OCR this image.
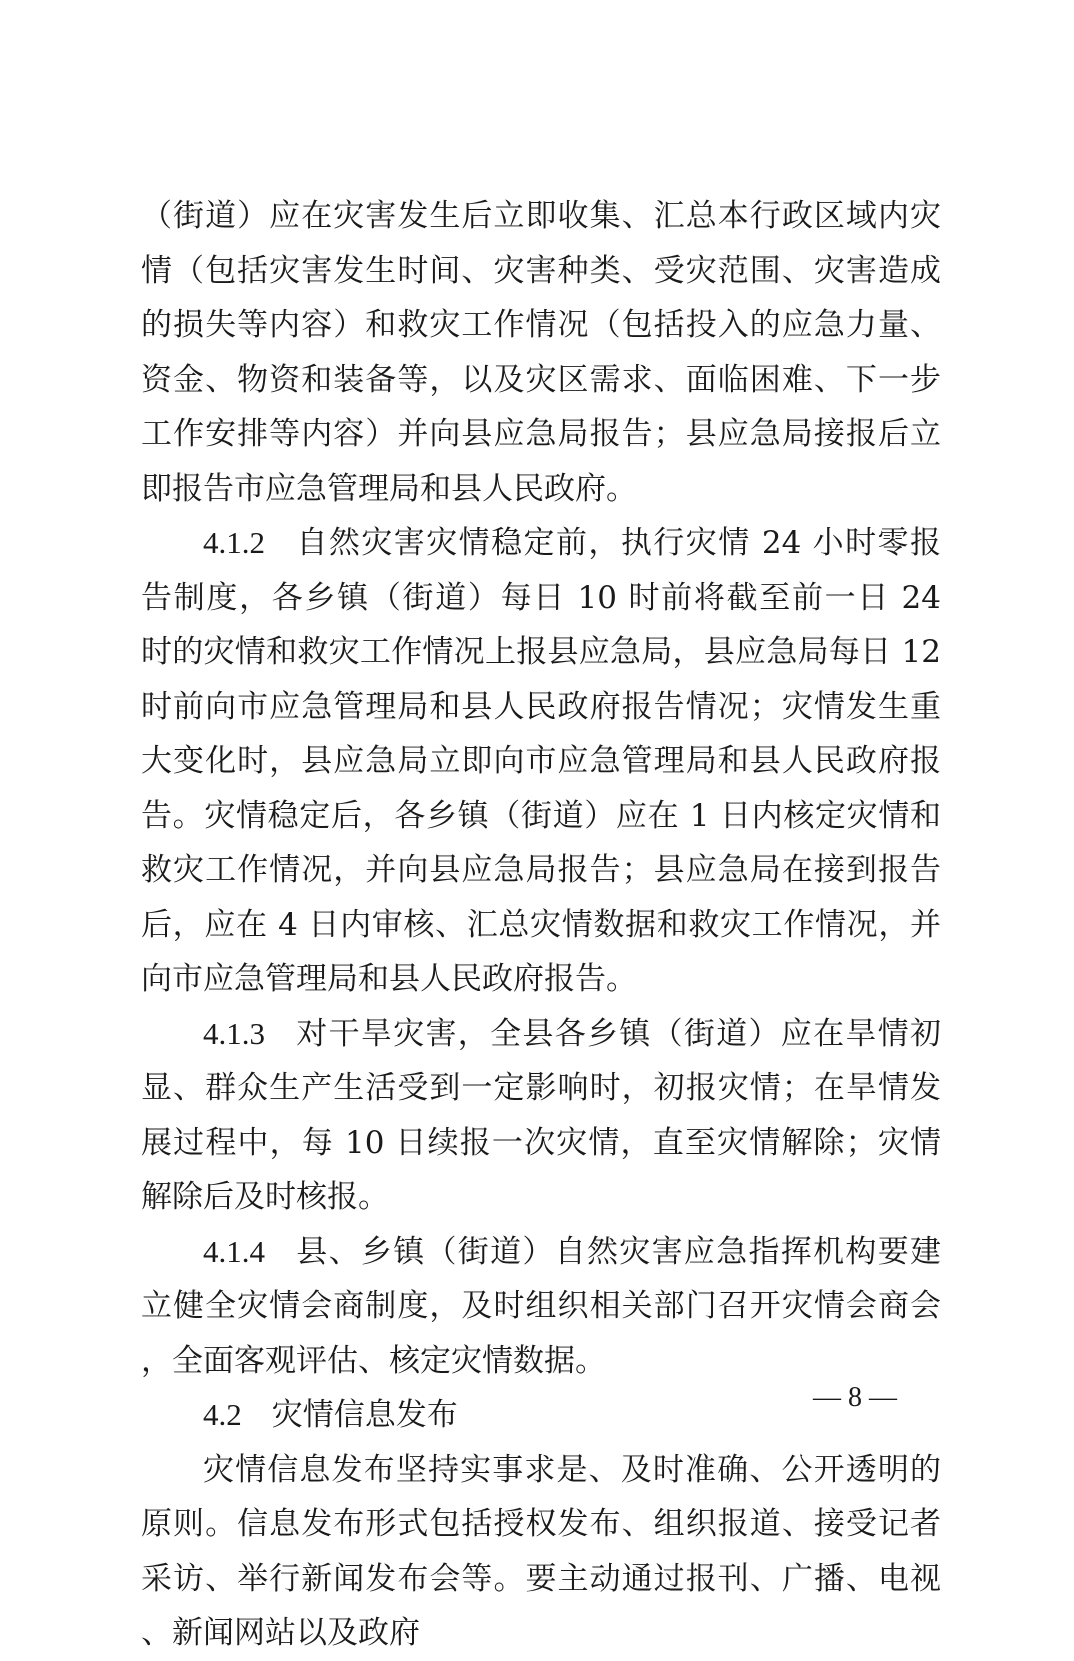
（街道）应在灾害发生后立即收集、汇总本行政区域内灾情（包括灾害发生时间、灾害种类、受灾范围、灾害造成的损失等内容）和救灾工作情况（包括投入的应急力量、资金、物资和装备等，以及灾区需求、面临困难、下一步工作安排等内容）并向县应急局报告；县应急局接报后立即报告市应急管理局和县人民政府。

4.1.2 自然灾害灾情稳定前，执行灾情 24 小时零报告制度，各乡镇（街道）每日 10 时前将截至前一日 24 时的灾情和救灾工作情况上报县应急局，县应急局每日 12 时前向市应急管理局和县人民政府报告情况；灾情发生重大变化时，县应急局立即向市应急管理局和县人民政府报告。灾情稳定后，各乡镇（街道）应在 1 日内核定灾情和救灾工作情况，并向县应急局报告；县应急局在接到报告后，应在 4 日内审核、汇总灾情数据和救灾工作情况，并向市应急管理局和县人民政府报告。

4.1.3 对干旱灾害，全县各乡镇（街道）应在旱情初显、群众生产生活受到一定影响时，初报灾情；在旱情发展过程中，每 10 日续报一次灾情，直至灾情解除；灾情解除后及时核报。

4.1.4 县、乡镇（街道）自然灾害应急指挥机构要建立健全灾情会商制度，及时组织相关部门召开灾情会商会，全面客观评估、核定灾情数据。

4.2 灾情信息发布

灾情信息发布坚持实事求是、及时准确、公开透明的原则。信息发布形式包括授权发布、组织报道、接受记者采访、举行新闻发布会等。要主动通过报刊、广播、电视、新闻网站以及政府

— 8 —
